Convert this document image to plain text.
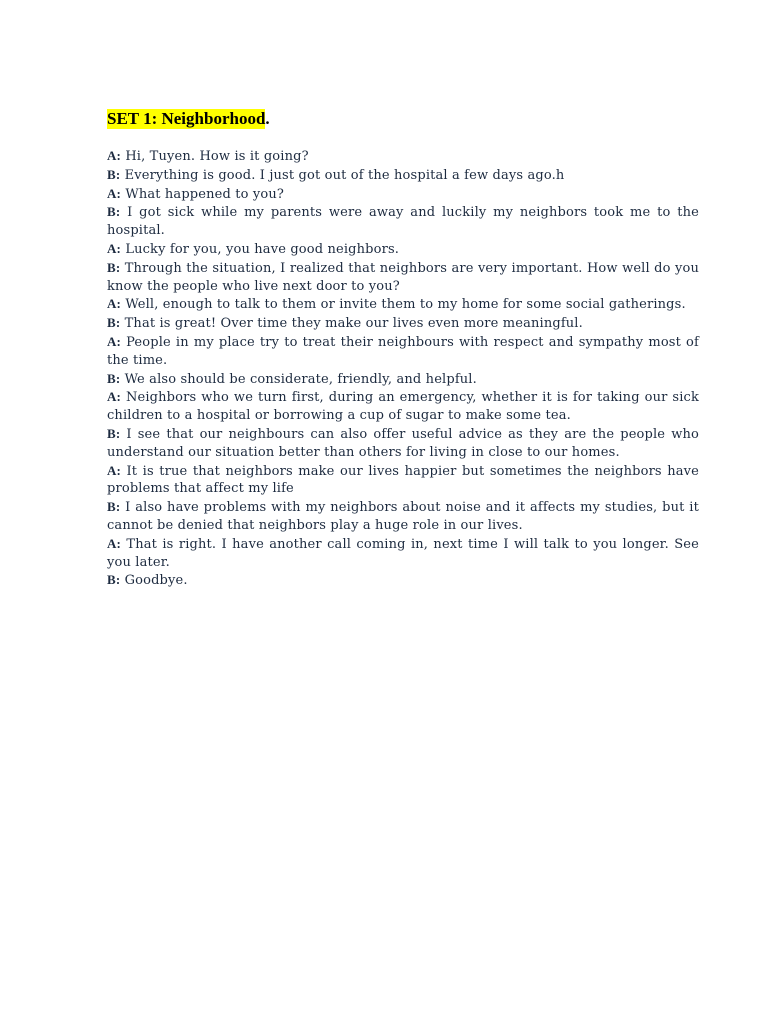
SET 1: Neighborhood.
A: Hi, Tuyen. How is it going?
B: Everything is good. I just got out of the hospital a few days ago.h
A: What happened to you?
B: I got sick while my parents were away and luckily my neighbors took me to the hospital.
A: Lucky for you, you have good neighbors.
B: Through the situation, I realized that neighbors are very important. How well do you know the people who live next door to you?
A: Well, enough to talk to them or invite them to my home for some social gatherings.
B: That is great! Over time they make our lives even more meaningful.
A: People in my place try to treat their neighbours with respect and sympathy most of the time.
B: We also should be considerate, friendly, and helpful.
A: Neighbors who we turn first, during an emergency, whether it is for taking our sick children to a hospital or borrowing a cup of sugar to make some tea.
B: I see that our neighbours can also offer useful advice as they are the people who understand our situation better than others for living in close to our homes.
A: It is true that neighbors make our lives happier but sometimes the neighbors have problems that affect my life
B: I also have problems with my neighbors about noise and it affects my studies, but it cannot be denied that neighbors play a huge role in our lives.
A: That is right. I have another call coming in, next time I will talk to you longer. See you later.
B: Goodbye.
